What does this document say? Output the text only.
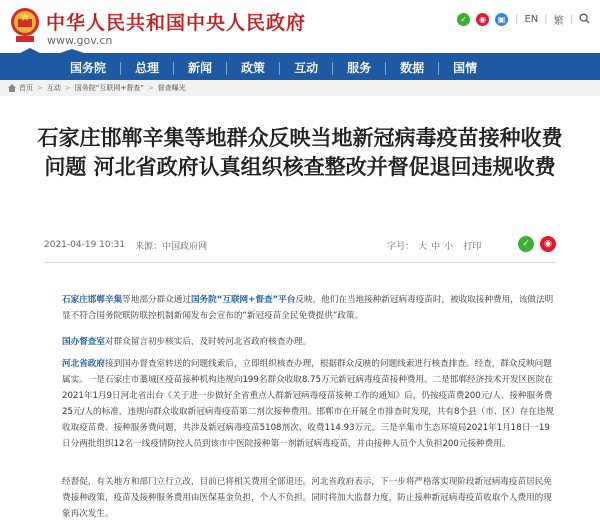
中华人民共和国中央人民政府
www.gov.cn
✓	◉	▣ | EN | 繁 |
国务院	总理	新闻	政策	互动	服务	数据	国情
首页 > 互动 > 国务院“互联网+督查” > 督查曝光
石家庄邯郸辛集等地群众反映当地新冠病毒疫苗接种收费问题 河北省政府认真组织核查整改并督促退回违规收费
2021-04-19 10:31 来源：中国政府网	字号： 大 中 小 打印	✓	◉
石家庄邯郸辛集等地部分群众通过国务院“互联网+督查”平台反映，他们在当地接种新冠病毒疫苗时，被收取接种费用，该做法明显不符合国务院联防联控机制新闻发布会宣布的“新冠疫苗全民免费提供”政策。
国办督查室对群众留言初步核实后，及时转河北省政府核查办理。
河北省政府接到国办督查室转送的问题线索后，立即组织核查办理，根据群众反映的问题线索进行核查排查。经查，群众反映问题属实。一是石家庄市藁城区疫苗接种机构违规向199名群众收取8.75万元新冠病毒疫苗接种费用。二是邯郸经济技术开发区医院在2021年1月9日河北省出台《关于进一步做好全省重点人群新冠病毒疫苗接种工作的通知》后，仍按疫苗费200元/人、接种服务费25元/人的标准，违规向群众收取新冠病毒疫苗第二剂次接种费用。邯郸市在开展全市排查时发现，共有8个县（市、区）存在违规收取疫苗费、接种服务费问题，共涉及新冠病毒疫苗5108剂次、收费114.93万元。三是辛集市生态环境局2021年1月18日一19日分两批组织12名一线疫情防控人员到该市中医院接种第一剂新冠病毒疫苗，并由接种人员个人负担200元接种费用。
经督促，有关地方和部门立行立改，目前已将相关费用全部退还。河北省政府表示，下一步将严格落实现阶段新冠病毒疫苗居民免费接种政策，疫苗及接种服务费用由医保基金负担，个人不负担。同时将加大监督力度，防止接种新冠病毒疫苗收取个人费用的现象再次发生。
